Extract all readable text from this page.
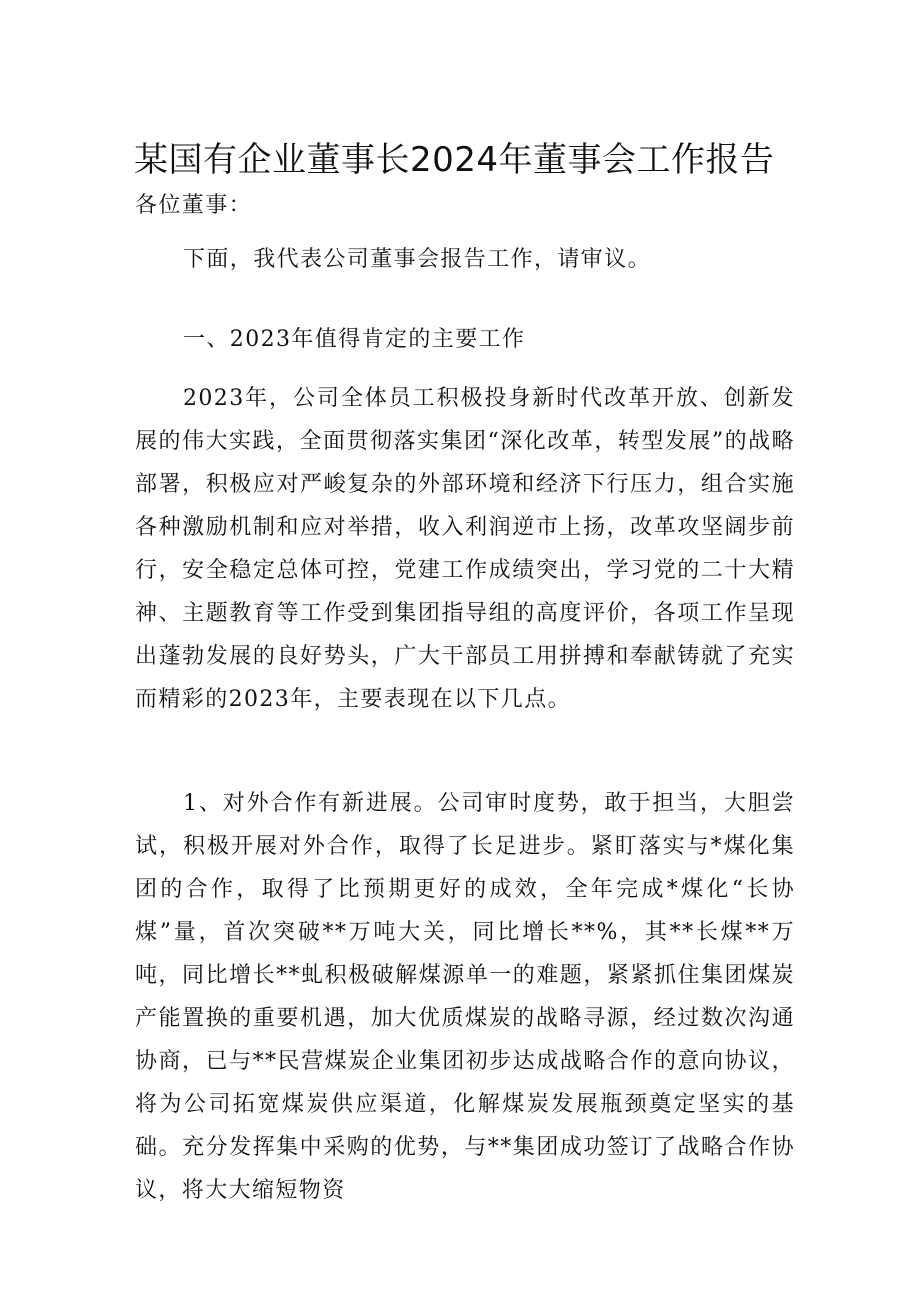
某国有企业董事长2024年董事会工作报告

各位董事：

下面，我代表公司董事会报告工作，请审议。

一、2023年值得肯定的主要工作

2023年，公司全体员工积极投身新时代改革开放、创新发展的伟大实践，全面贯彻落实集团“深化改革，转型发展”的战略部署，积极应对严峻复杂的外部环境和经济下行压力，组合实施各种激励机制和应对举措，收入利润逆市上扬，改革攻坚阔步前行，安全稳定总体可控，党建工作成绩突出，学习党的二十大精神、主题教育等工作受到集团指导组的高度评价，各项工作呈现出蓬勃发展的良好势头，广大干部员工用拼搏和奉献铸就了充实而精彩的2023年，主要表现在以下几点。

1、对外合作有新进展。公司审时度势，敢于担当，大胆尝试，积极开展对外合作，取得了长足进步。紧盯落实与*煤化集团的合作，取得了比预期更好的成效，全年完成*煤化“长协煤”量，首次突破**万吨大关，同比增长**%，其**长煤**万吨，同比增长**虬积极破解煤源单一的难题，紧紧抓住集团煤炭产能置换的重要机遇，加大优质煤炭的战略寻源，经过数次沟通协商，已与**民营煤炭企业集团初步达成战略合作的意向协议，将为公司拓宽煤炭供应渠道，化解煤炭发展瓶颈奠定坚实的基础。充分发挥集中采购的优势，与**集团成功签订了战略合作协议，将大大缩短物资
